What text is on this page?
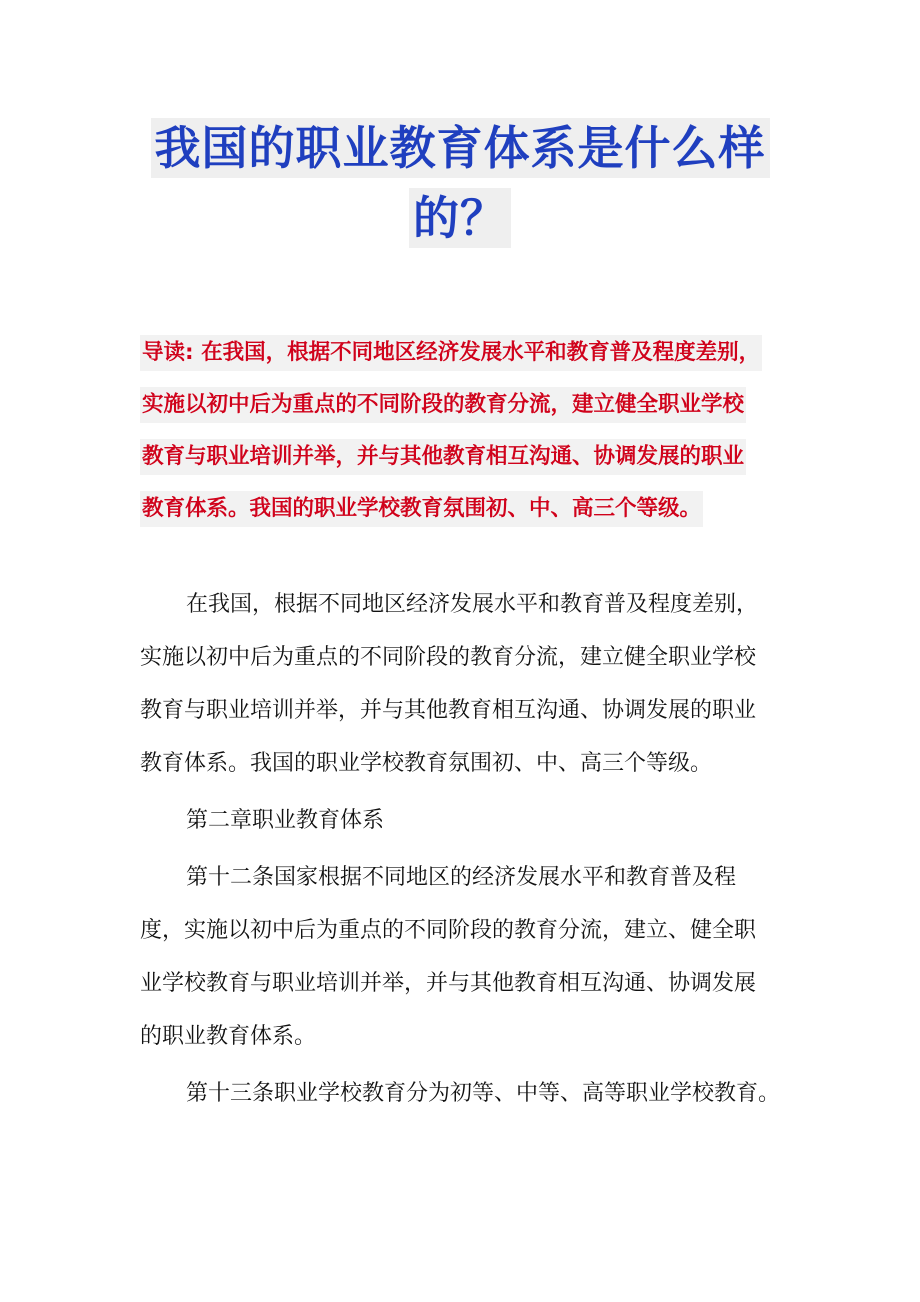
我国的职业教育体系是什么样
的？
导读: 在我国，根据不同地区经济发展水平和教育普及程度差别，
实施以初中后为重点的不同阶段的教育分流，建立健全职业学校
教育与职业培训并举，并与其他教育相互沟通、协调发展的职业
教育体系。我国的职业学校教育氛围初、中、高三个等级。
在我国，根据不同地区经济发展水平和教育普及程度差别，
实施以初中后为重点的不同阶段的教育分流，建立健全职业学校
教育与职业培训并举，并与其他教育相互沟通、协调发展的职业
教育体系。我国的职业学校教育氛围初、中、高三个等级。
第二章职业教育体系
第十二条国家根据不同地区的经济发展水平和教育普及程
度，实施以初中后为重点的不同阶段的教育分流，建立、健全职
业学校教育与职业培训并举，并与其他教育相互沟通、协调发展
的职业教育体系。
第十三条职业学校教育分为初等、中等、高等职业学校教育。
